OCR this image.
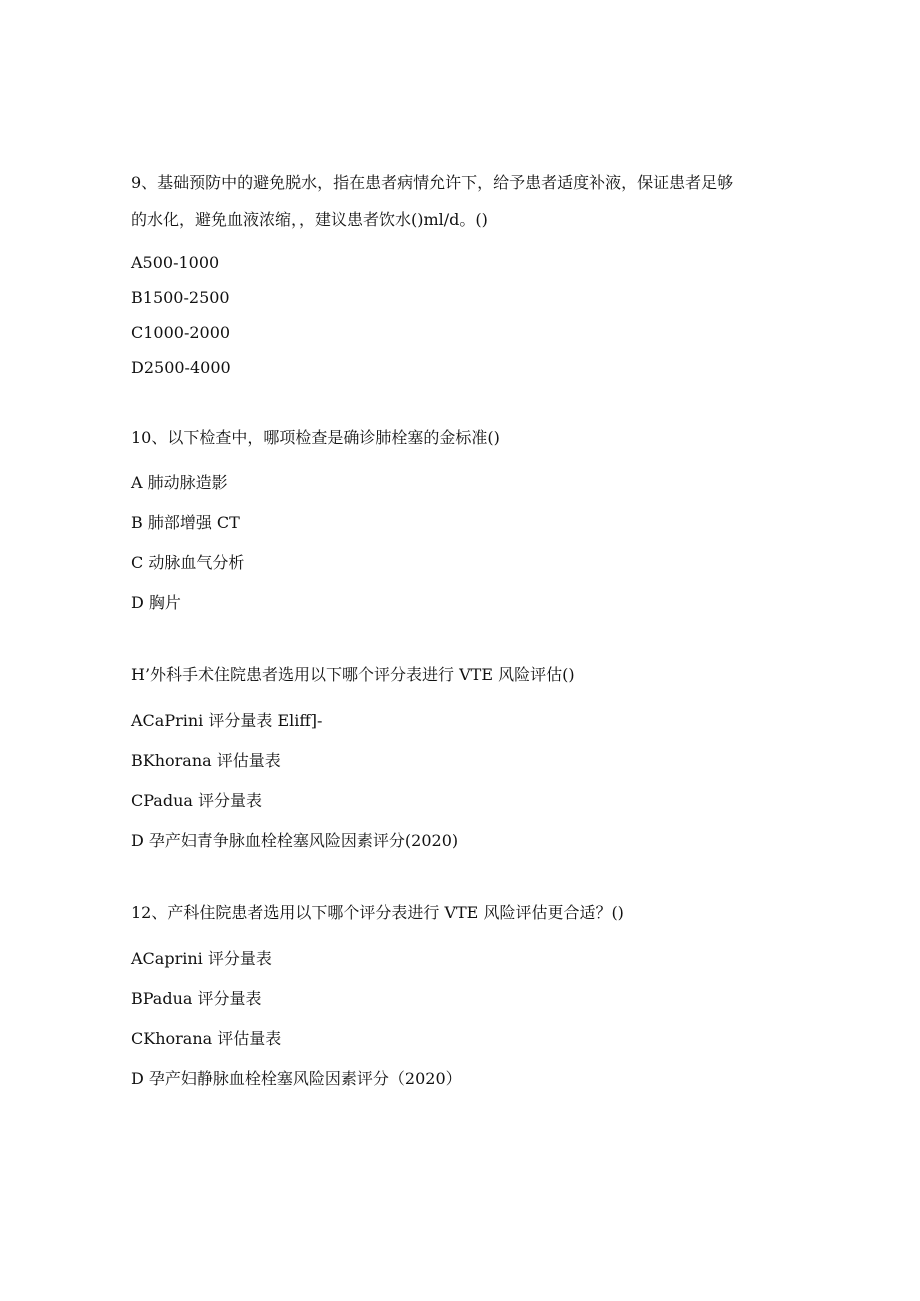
9、基础预防中的避免脱水，指在患者病情允许下，给予患者适度补液，保证患者足够
的水化，避免血液浓缩，，建议患者饮水()ml/d。()
A500-1000
B1500-2500
C1000-2000
D2500-4000
10、以下检查中，哪项检查是确诊肺栓塞的金标准()
A 肺动脉造影
B 肺部增强 CT
C 动脉血气分析
D 胸片
H’外科手术住院患者选用以下哪个评分表进行 VTE 风险评估()
ACaPrini 评分量表 Eliff]-
BKhorana 评估量表
CPadua 评分量表
D 孕产妇青争脉血栓栓塞风险因素评分(2020)
12、产科住院患者选用以下哪个评分表进行 VTE 风险评估更合适？()
ACaprini 评分量表
BPadua 评分量表
CKhorana 评估量表
D 孕产妇静脉血栓栓塞风险因素评分（2020）
